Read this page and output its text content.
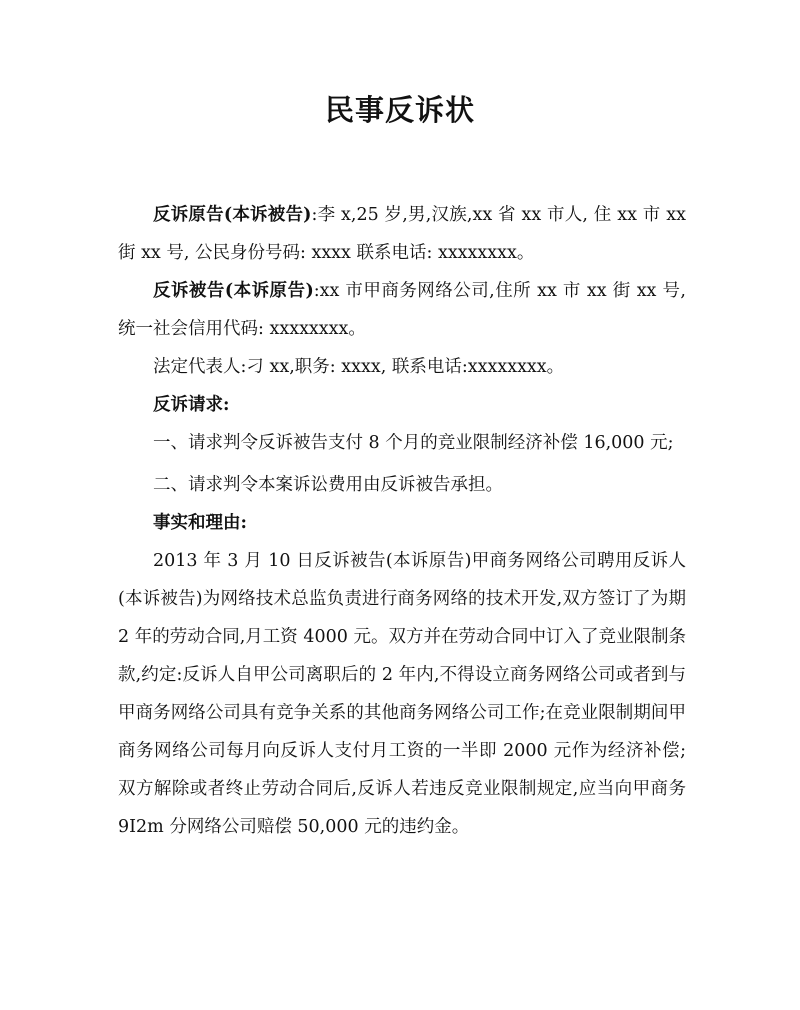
民事反诉状

反诉原告(本诉被告):李 x,25 岁,男,汉族,xx 省 xx 市人, 住 xx 市 xx 街 xx 号, 公民身份号码: xxxx 联系电话: xxxxxxxx。

反诉被告(本诉原告):xx 市甲商务网络公司,住所 xx 市 xx 街 xx 号, 统一社会信用代码: xxxxxxxx。

法定代表人:刁 xx,职务: xxxx, 联系电话:xxxxxxxx。

反诉请求:

一、请求判令反诉被告支付 8 个月的竞业限制经济补偿 16,000 元;

二、请求判令本案诉讼费用由反诉被告承担。

事实和理由:

2013 年 3 月 10 日反诉被告(本诉原告)甲商务网络公司聘用反诉人(本诉被告)为网络技术总监负责进行商务网络的技术开发,双方签订了为期 2 年的劳动合同,月工资 4000 元。双方并在劳动合同中订入了竞业限制条款,约定:反诉人自甲公司离职后的 2 年内,不得设立商务网络公司或者到与甲商务网络公司具有竞争关系的其他商务网络公司工作;在竞业限制期间甲商务网络公司每月向反诉人支付月工资的一半即 2000 元作为经济补偿;双方解除或者终止劳动合同后,反诉人若违反竞业限制规定,应当向甲商务 9I2m 分网络公司赔偿 50,000 元的违约金。
